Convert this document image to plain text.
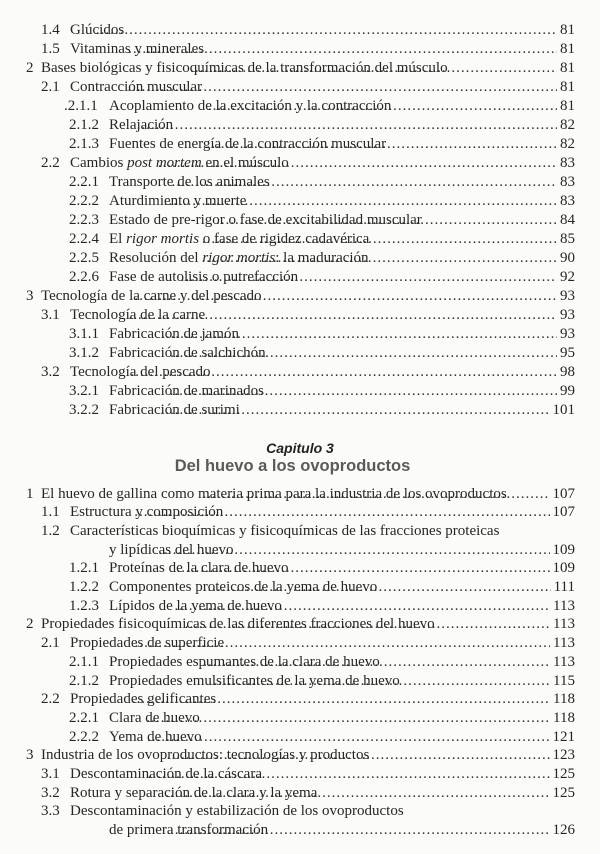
1.4 Glúcidos .....	81
1.5 Vitaminas y minerales .....	81
2 Bases biológicas y fisicoquímicas de la transformación del músculo .....	81
2.1 Contracción muscular .....	81
.2.1.1 Acoplamiento de la excitación y la contracción .....	81
2.1.2 Relajación .....	82
2.1.3 Fuentes de energía de la contracción muscular .....	82
2.2 Cambios post mortem en el músculo .....	83
2.2.1 Transporte de los animales .....	83
2.2.2 Aturdimiento y muerte .....	83
2.2.3 Estado de pre-rigor o fase de excitabilidad muscular .....	84
2.2.4 El rigor mortis o fase de rigidez cadavérica .....	85
2.2.5 Resolución del rigor mortis: la maduración .....	90
2.2.6 Fase de autolisis o putrefacción .....	92
3 Tecnología de la carne y del pescado .....	93
3.1 Tecnología de la carne .....	93
3.1.1 Fabricación de jamón .....	93
3.1.2 Fabricación de salchichón .....	95
3.2 Tecnología del pescado .....	98
3.2.1 Fabricación de marinados .....	99
3.2.2 Fabricación de surimi .....	101
Capitulo 3
Del huevo a los ovoproductos
1 El huevo de gallina como materia prima para la industria de los ovoproductos .....	107
1.1 Estructura y composición .....	107
1.2 Características bioquímicas y fisicoquímicas de las fracciones proteicas
y lipídicas del huevo .....	109
1.2.1 Proteínas de la clara de huevo .....	109
1.2.2 Componentes proteicos de la yema de huevo .....	111
1.2.3 Lípidos de la yema de huevo .....	113
2 Propiedades fisicoquímicas de las diferentes fracciones del huevo .....	113
2.1 Propiedades de superficie .....	113
2.1.1 Propiedades espumantes de la clara de huevo .....	113
2.1.2 Propiedades emulsificantes de la yema de huevo .....	115
2.2 Propiedades gelificantes .....	118
2.2.1 Clara de huevo .....	118
2.2.2 Yema de huevo .....	121
3 Industria de los ovoproductos: tecnologías y productos .....	123
3.1 Descontaminación de la cáscara .....	125
3.2 Rotura y separación de la clara y la yema .....	125
3.3 Descontaminación y estabilización de los ovoproductos
de primera transformación .....	126
